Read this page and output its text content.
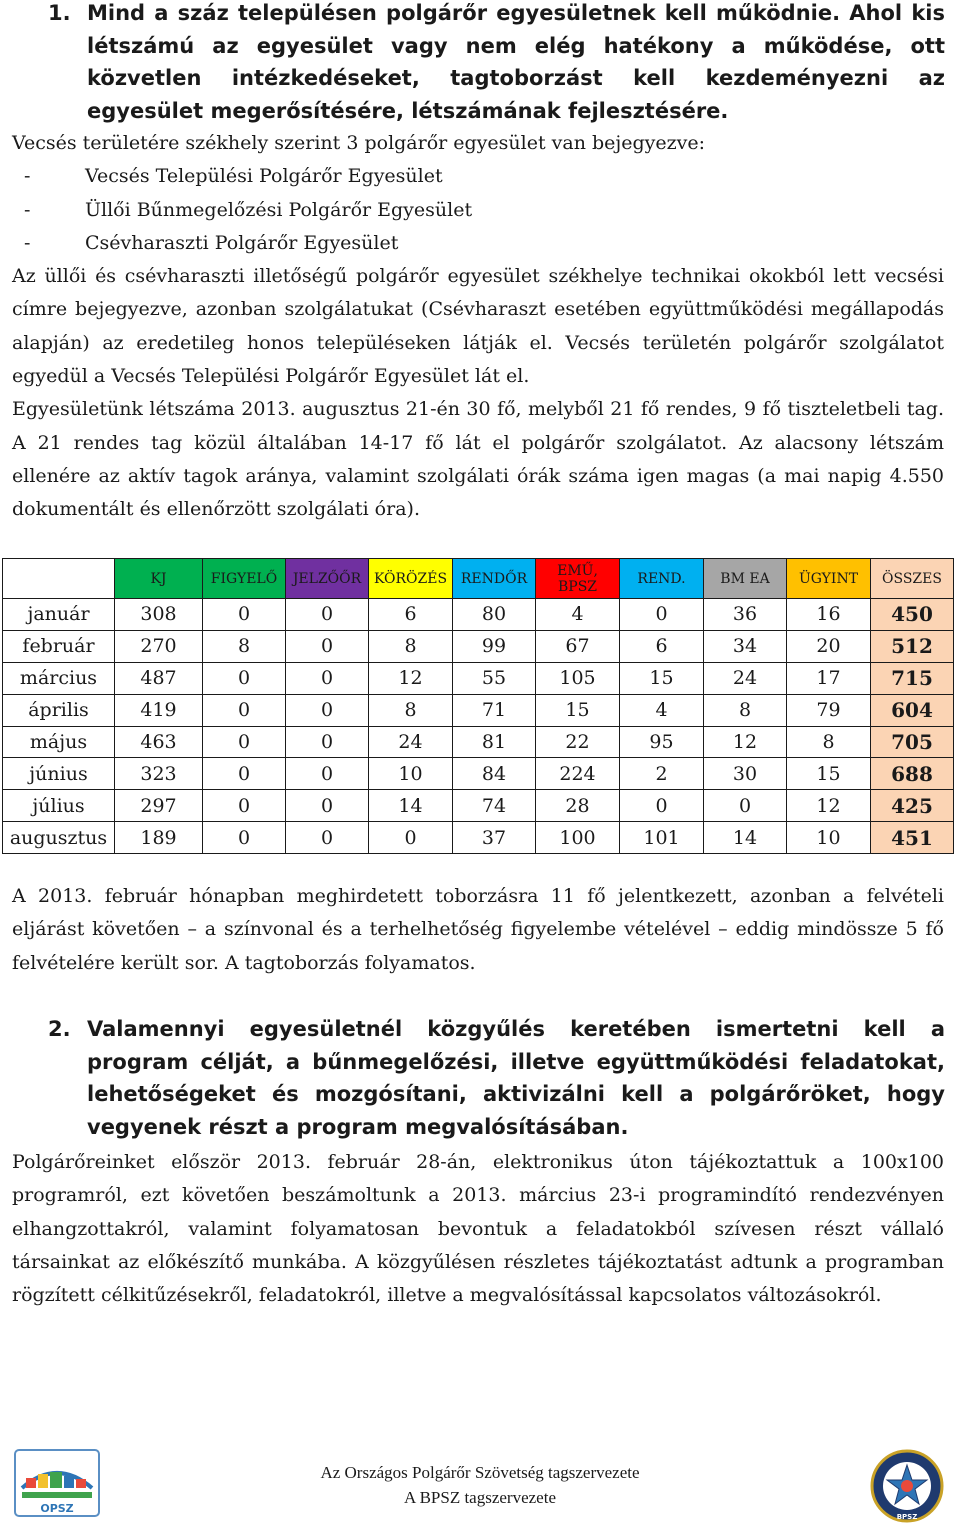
1. Mind a száz településen polgárőr egyesületnek kell működnie. Ahol kis létszámú az egyesület vagy nem elég hatékony a működése, ott közvetlen intézkedéseket, tagtoborzást kell kezdeményezni az egyesület megerősítésére, létszámának fejlesztésére.

Vecsés területére székhely szerint 3 polgárőr egyesület van bejegyezve:

-	Vecsés Települési Polgárőr Egyesület
-	Üllői Bűnmegelőzési Polgárőr Egyesület
-	Csévharaszti Polgárőr Egyesület

Az üllői és csévharaszti illetőségű polgárőr egyesület székhelye technikai okokból lett vecsési címre bejegyezve, azonban szolgálatukat (Csévharaszt esetében együttműködési megállapodás alapján) az eredetileg honos településeken látják el. Vecsés területén polgárőr szolgálatot egyedül a Vecsés Települési Polgárőr Egyesület lát el.

Egyesületünk létszáma 2013. augusztus 21-én 30 fő, melyből 21 fő rendes, 9 fő tiszteletbeli tag. A 21 rendes tag közül általában 14-17 fő lát el polgárőr szolgálatot. Az alacsony létszám ellenére az aktív tagok aránya, valamint szolgálati órák száma igen magas (a mai napig 4.550 dokumentált és ellenőrzött szolgálati óra).

	KJ	FIGYELŐ	JELZŐŐR	KÖRÖZÉS	RENDŐR	EMŰ, BPSZ	REND.	BM EA	ÜGYINT	ÖSSZES
január	308	0	0	6	80	4	0	36	16	450
február	270	8	0	8	99	67	6	34	20	512
március	487	0	0	12	55	105	15	24	17	715
április	419	0	0	8	71	15	4	8	79	604
május	463	0	0	24	81	22	95	12	8	705
június	323	0	0	10	84	224	2	30	15	688
július	297	0	0	14	74	28	0	0	12	425
augusztus	189	0	0	0	37	100	101	14	10	451

A 2013. február hónapban meghirdetett toborzásra 11 fő jelentkezett, azonban a felvételi eljárást követően – a színvonal és a terhelhetőség figyelembe vételével – eddig mindössze 5 fő felvételére került sor. A tagtoborzás folyamatos.

2. Valamennyi egyesületnél közgyűlés keretében ismertetni kell a program célját, a bűnmegelőzési, illetve együttműködési feladatokat, lehetőségeket és mozgósítani, aktivizálni kell a polgárőröket, hogy vegyenek részt a program megvalósításában.

Polgárőreinket először 2013. február 28-án, elektronikus úton tájékoztattuk a 100x100 programról, ezt követően beszámoltunk a 2013. március 23-i programindító rendezvényen elhangzottakról, valamint folyamatosan bevontuk a feladatokból szívesen részt vállaló társainkat az előkészítő munkába. A közgyűlésen részletes tájékoztatást adtunk a programban rögzített célkitűzésekről, feladatokról, illetve a megvalósítással kapcsolatos változásokról.

OPSZ
Az Országos Polgárőr Szövetség tagszervezete
A BPSZ tagszervezete
BPSZ
